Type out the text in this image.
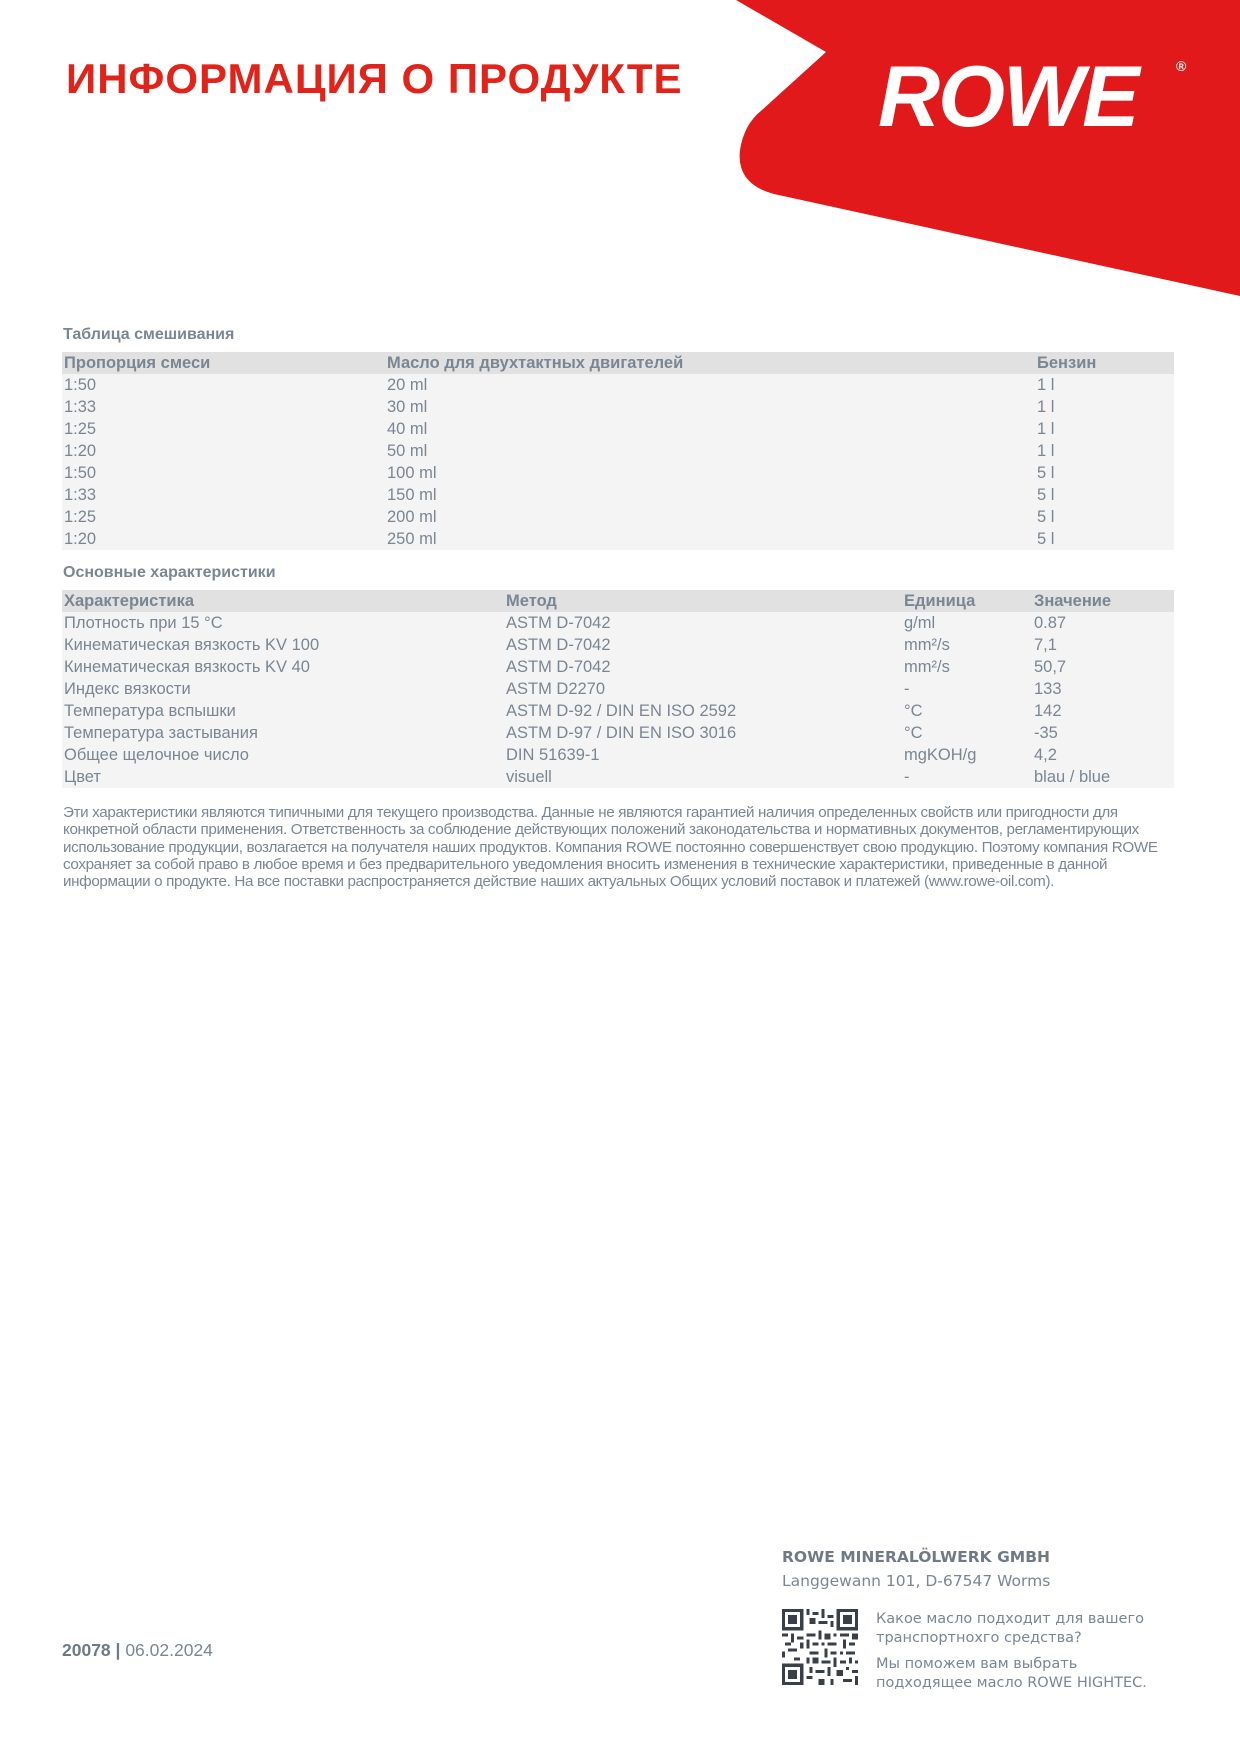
ИНФОРМАЦИЯ О ПРОДУКТЕ ROWE	®
Таблица смешивания
Пропорция смеси	Масло для двухтактных двигателей	Бензин
1:50	20 ml	1 l
1:33	30 ml	1 l
1:25	40 ml	1 l
1:20	50 ml	1 l
1:50	100 ml	5 l
1:33	150 ml	5 l
1:25	200 ml	5 l
1:20	250 ml	5 l
Основные характеристики
Характеристика	Метод	Единица	Значение
Плотность при 15 °C	ASTM D-7042	g/ml	0.87
Кинематическая вязкость KV 100	ASTM D-7042	mm²/s	7,1
Кинематическая вязкость KV 40	ASTM D-7042	mm²/s	50,7
Индекс вязкости	ASTM D2270	-	133
Температура вспышки	ASTM D-92 / DIN EN ISO 2592	°C	142
Температура застывания	ASTM D-97 / DIN EN ISO 3016	°C	-35
Общее щелочное число	DIN 51639-1	mgKOH/g	4,2
Цвет	visuell	-	blau / blue

Эти характеристики являются типичными для текущего производства. Данные не являются гарантией наличия определенных свойств или пригодности для конкретной области применения. Ответственность за соблюдение действующих положений законодательства и нормативных документов, регламентирующих использование продукции, возлагается на получателя наших продуктов. Компания ROWE постоянно совершенствует свою продукцию. Поэтому компания ROWE сохраняет за собой право в любое время и без предварительного уведомления вносить изменения в технические характеристики, приведенные в данной информации о продукте. На все поставки распространяется действие наших актуальных Общих условий поставок и платежей (www.rowe-oil.com).

20078 | 06.02.2024
ROWE MINERALÖLWERK GMBH
Langgewann 101, D-67547 Worms
Какое масло подходит для вашего
транспортнохго средства?
Мы поможем вам выбрать
подходящее масло ROWE HIGHTEC.
